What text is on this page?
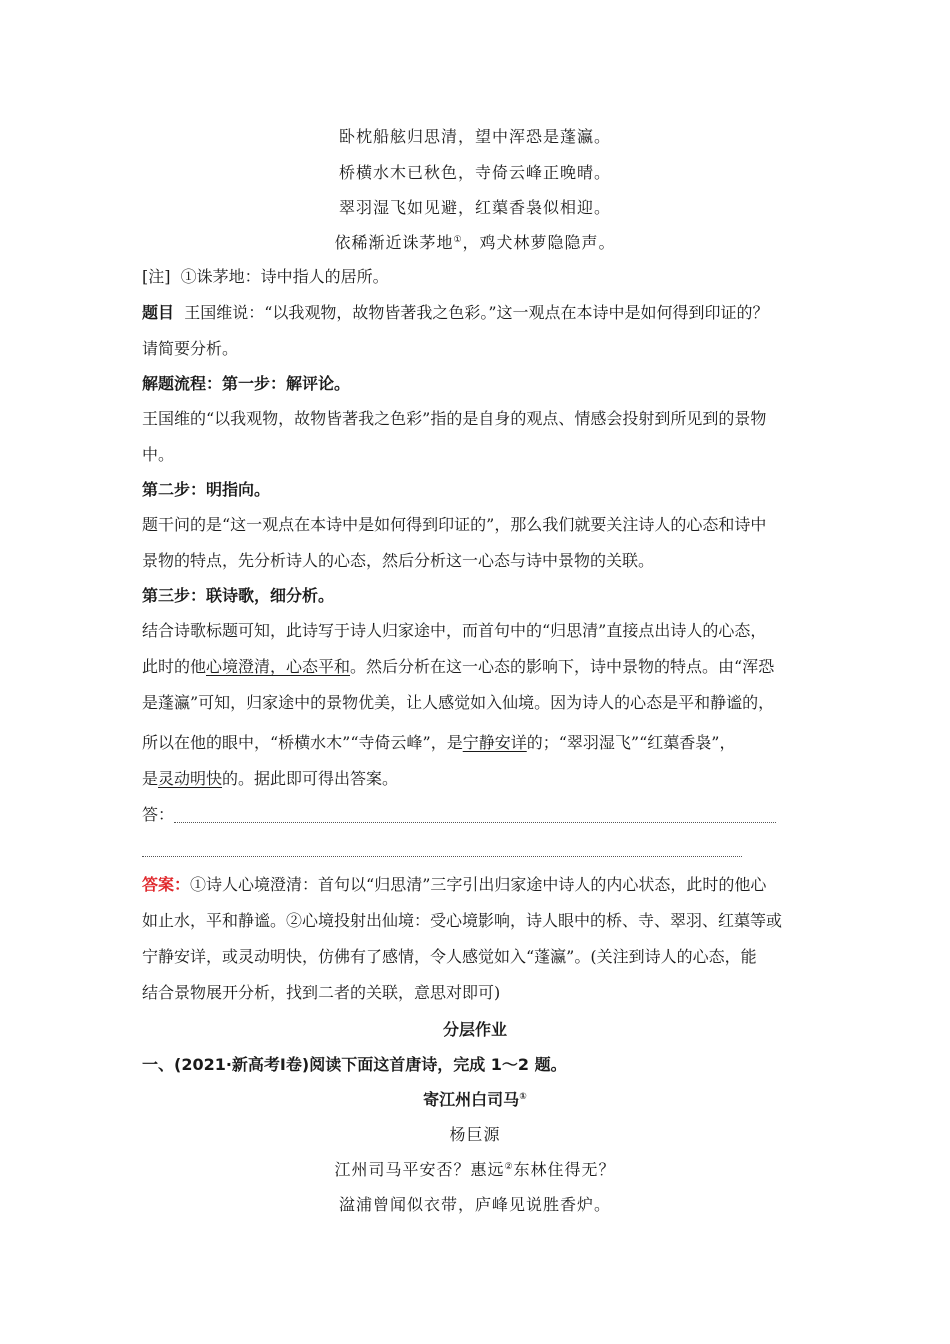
卧枕船舷归思清，望中浑恐是蓬瀛。
桥横水木已秋色，寺倚云峰正晚晴。
翠羽湿飞如见避，红蕖香袅似相迎。
依稀渐近诛茅地①，鸡犬林萝隐隐声。
[注] ①诛茅地：诗中指人的居所。
题目 王国维说：“以我观物，故物皆著我之色彩。”这一观点在本诗中是如何得到印证的？
请简要分析。
解题流程：第一步：解评论。
王国维的“以我观物，故物皆著我之色彩”指的是自身的观点、情感会投射到所见到的景物
中。
第二步：明指向。
题干问的是“这一观点在本诗中是如何得到印证的”，那么我们就要关注诗人的心态和诗中
景物的特点，先分析诗人的心态，然后分析这一心态与诗中景物的关联。
第三步：联诗歌，细分析。
结合诗歌标题可知，此诗写于诗人归家途中，而首句中的“归思清”直接点出诗人的心态，
此时的他心境澄清，心态平和。然后分析在这一心态的影响下，诗中景物的特点。由“浑恐
是蓬瀛”可知，归家途中的景物优美，让人感觉如入仙境。因为诗人的心态是平和静谧的，
所以在他的眼中，“桥横水木”“寺倚云峰”，是宁静安详的；“翠羽湿飞”“红蕖香袅”，
是灵动明快的。据此即可得出答案。
答：
答案：①诗人心境澄清：首句以“归思清”三字引出归家途中诗人的内心状态，此时的他心
如止水，平和静谧。②心境投射出仙境：受心境影响，诗人眼中的桥、寺、翠羽、红蕖等或
宁静安详，或灵动明快，仿佛有了感情，令人感觉如入“蓬瀛”。(关注到诗人的心态，能
结合景物展开分析，找到二者的关联，意思对即可)
分层作业
一、(2021·新高考Ⅰ卷)阅读下面这首唐诗，完成 1～2 题。
寄江州白司马①
杨巨源
江州司马平安否？惠远②东林住得无？
湓浦曾闻似衣带，庐峰见说胜香炉。
